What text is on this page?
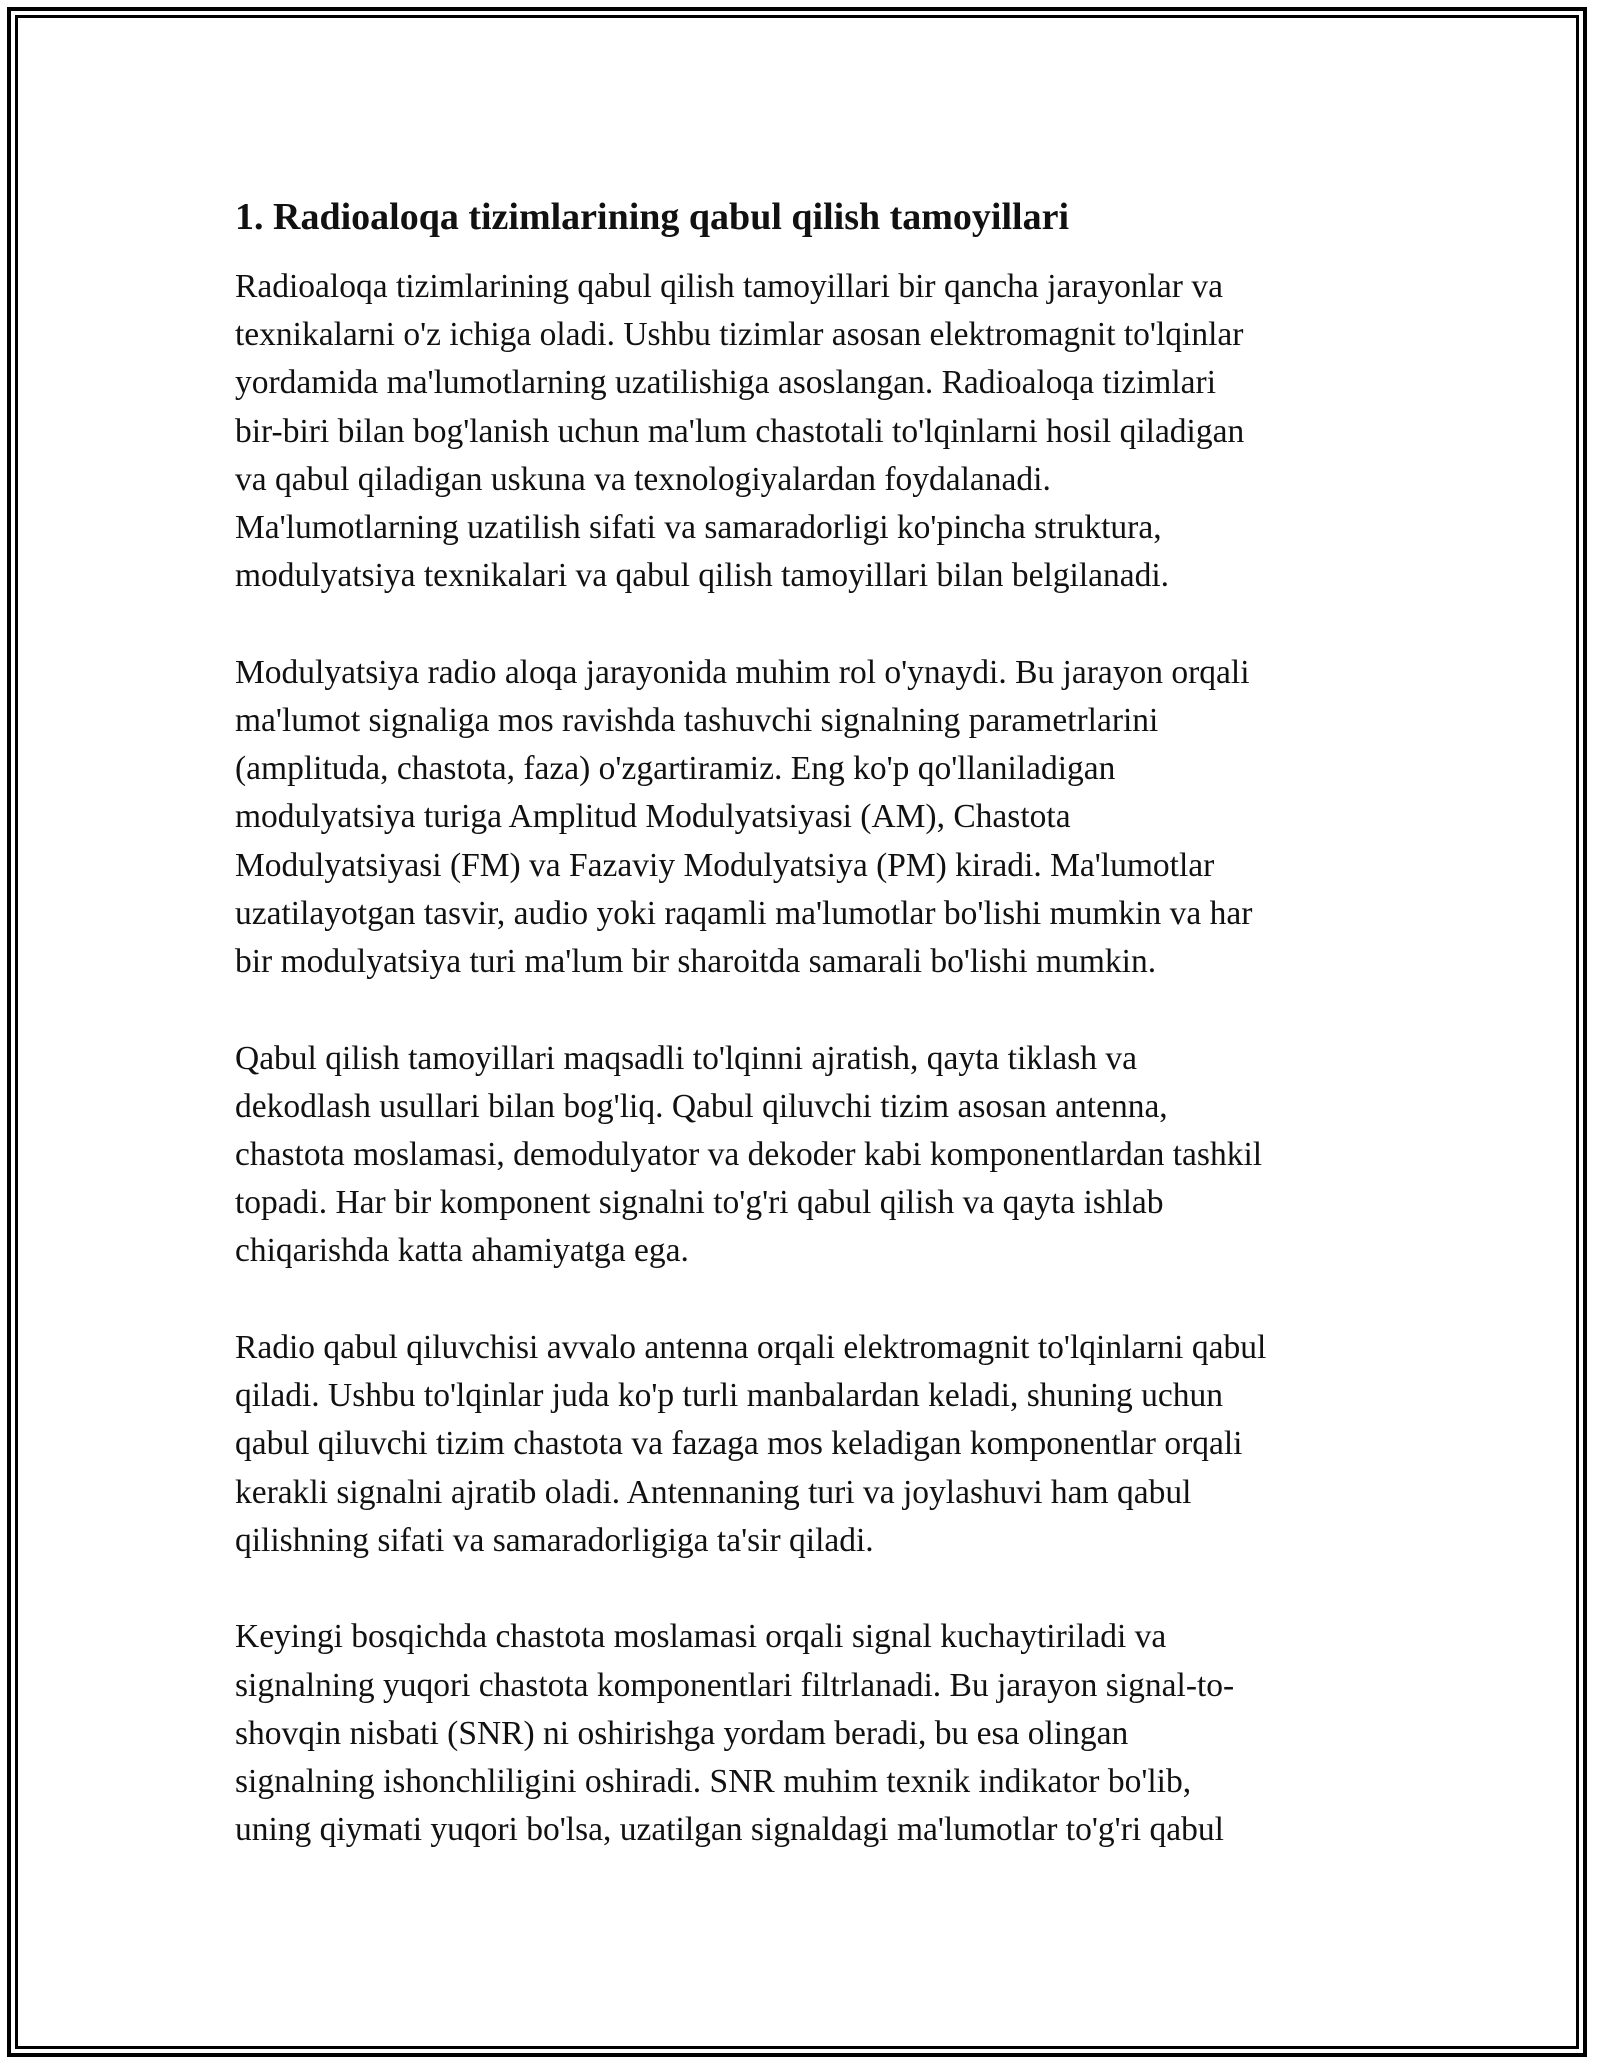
1. Radioaloqa tizimlarining qabul qilish tamoyillari

Radioaloqa tizimlarining qabul qilish tamoyillari bir qancha jarayonlar va
texnikalarni o'z ichiga oladi. Ushbu tizimlar asosan elektromagnit to'lqinlar
yordamida ma'lumotlarning uzatilishiga asoslangan. Radioaloqa tizimlari
bir-biri bilan bog'lanish uchun ma'lum chastotali to'lqinlarni hosil qiladigan
va qabul qiladigan uskuna va texnologiyalardan foydalanadi.
Ma'lumotlarning uzatilish sifati va samaradorligi ko'pincha struktura,
modulyatsiya texnikalari va qabul qilish tamoyillari bilan belgilanadi.

Modulyatsiya radio aloqa jarayonida muhim rol o'ynaydi. Bu jarayon orqali
ma'lumot signaliga mos ravishda tashuvchi signalning parametrlarini
(amplituda, chastota, faza) o'zgartiramiz. Eng ko'p qo'llaniladigan
modulyatsiya turiga Amplitud Modulyatsiyasi (AM), Chastota
Modulyatsiyasi (FM) va Fazaviy Modulyatsiya (PM) kiradi. Ma'lumotlar
uzatilayotgan tasvir, audio yoki raqamli ma'lumotlar bo'lishi mumkin va har
bir modulyatsiya turi ma'lum bir sharoitda samarali bo'lishi mumkin.

Qabul qilish tamoyillari maqsadli to'lqinni ajratish, qayta tiklash va
dekodlash usullari bilan bog'liq. Qabul qiluvchi tizim asosan antenna,
chastota moslamasi, demodulyator va dekoder kabi komponentlardan tashkil
topadi. Har bir komponent signalni to'g'ri qabul qilish va qayta ishlab
chiqarishda katta ahamiyatga ega.

Radio qabul qiluvchisi avvalo antenna orqali elektromagnit to'lqinlarni qabul
qiladi. Ushbu to'lqinlar juda ko'p turli manbalardan keladi, shuning uchun
qabul qiluvchi tizim chastota va fazaga mos keladigan komponentlar orqali
kerakli signalni ajratib oladi. Antennaning turi va joylashuvi ham qabul
qilishning sifati va samaradorligiga ta'sir qiladi.

Keyingi bosqichda chastota moslamasi orqali signal kuchaytiriladi va
signalning yuqori chastota komponentlari filtrlanadi. Bu jarayon signal-to-
shovqin nisbati (SNR) ni oshirishga yordam beradi, bu esa olingan
signalning ishonchliligini oshiradi. SNR muhim texnik indikator bo'lib,
uning qiymati yuqori bo'lsa, uzatilgan signaldagi ma'lumotlar to'g'ri qabul
